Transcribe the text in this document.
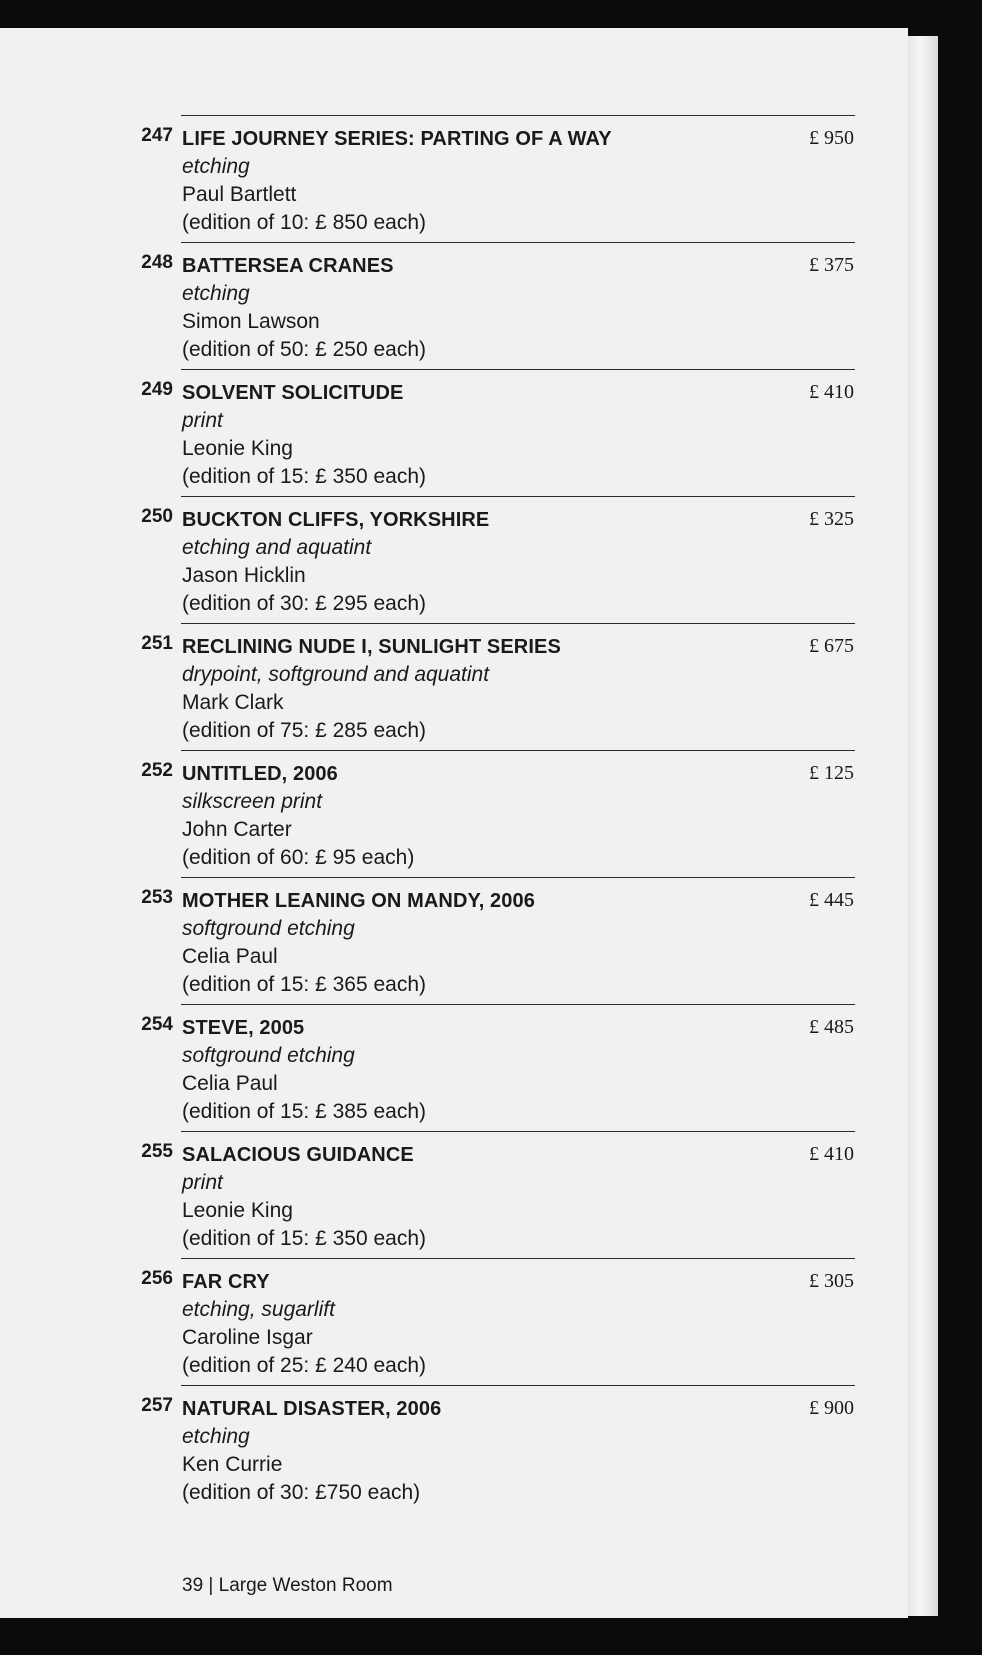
247 LIFE JOURNEY SERIES: PARTING OF A WAY
etching
Paul Bartlett
(edition of 10: £ 850 each)
£ 950
248 BATTERSEA CRANES
etching
Simon Lawson
(edition of 50: £ 250 each)
£ 375
249 SOLVENT SOLICITUDE
print
Leonie King
(edition of 15: £ 350 each)
£ 410
250 BUCKTON CLIFFS, YORKSHIRE
etching and aquatint
Jason Hicklin
(edition of 30: £ 295 each)
£ 325
251 RECLINING NUDE I, SUNLIGHT SERIES
drypoint, softground and aquatint
Mark Clark
(edition of 75: £ 285 each)
£ 675
252 UNTITLED, 2006
silkscreen print
John Carter
(edition of 60: £ 95 each)
£ 125
253 MOTHER LEANING ON MANDY, 2006
softground etching
Celia Paul
(edition of 15: £ 365 each)
£ 445
254 STEVE, 2005
softground etching
Celia Paul
(edition of 15: £ 385 each)
£ 485
255 SALACIOUS GUIDANCE
print
Leonie King
(edition of 15: £ 350 each)
£ 410
256 FAR CRY
etching, sugarlift
Caroline Isgar
(edition of 25: £ 240 each)
£ 305
257 NATURAL DISASTER, 2006
etching
Ken Currie
(edition of 30: £750 each)
£ 900
39 | Large Weston Room
